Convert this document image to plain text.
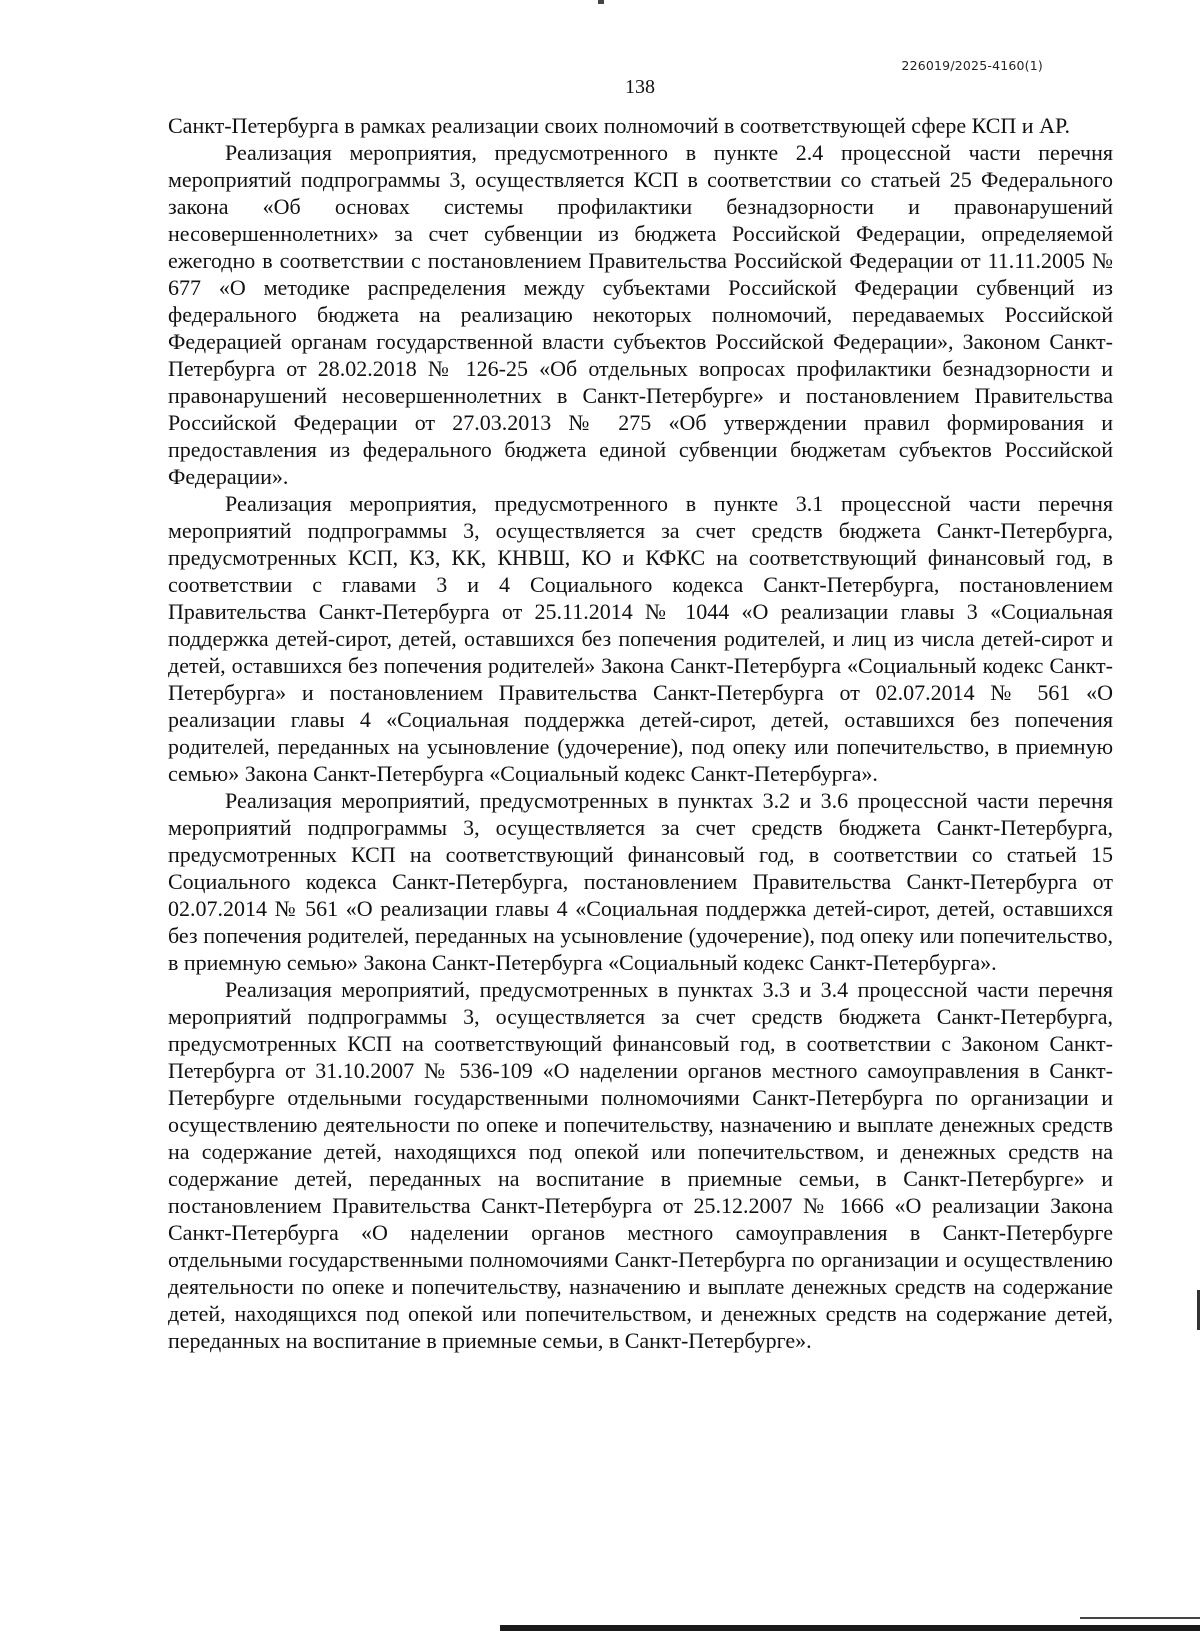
226019/2025-4160(1)
138

Санкт-Петербурга в рамках реализации своих полномочий в соответствующей сфере КСП и АР.

Реализация мероприятия, предусмотренного в пункте 2.4 процессной части перечня мероприятий подпрограммы 3, осуществляется КСП в соответствии со статьей 25 Федерального закона «Об основах системы профилактики безнадзорности и правонарушений несовершеннолетних» за счет субвенции из бюджета Российской Федерации, определяемой ежегодно в соответствии с постановлением Правительства Российской Федерации от 11.11.2005 № 677 «О методике распределения между субъектами Российской Федерации субвенций из федерального бюджета на реализацию некоторых полномочий, передаваемых Российской Федерацией органам государственной власти субъектов Российской Федерации», Законом Санкт-Петербурга от 28.02.2018 № 126-25 «Об отдельных вопросах профилактики безнадзорности и правонарушений несовершеннолетних в Санкт-Петербурге» и постановлением Правительства Российской Федерации от 27.03.2013 № 275 «Об утверждении правил формирования и предоставления из федерального бюджета единой субвенции бюджетам субъектов Российской Федерации».

Реализация мероприятия, предусмотренного в пункте 3.1 процессной части перечня мероприятий подпрограммы 3, осуществляется за счет средств бюджета Санкт-Петербурга, предусмотренных КСП, КЗ, КК, КНВШ, КО и КФКС на соответствующий финансовый год, в соответствии с главами 3 и 4 Социального кодекса Санкт-Петербурга, постановлением Правительства Санкт-Петербурга от 25.11.2014 № 1044 «О реализации главы 3 «Социальная поддержка детей-сирот, детей, оставшихся без попечения родителей, и лиц из числа детей-сирот и детей, оставшихся без попечения родителей» Закона Санкт-Петербурга «Социальный кодекс Санкт-Петербурга» и постановлением Правительства Санкт-Петербурга от 02.07.2014 № 561 «О реализации главы 4 «Социальная поддержка детей-сирот, детей, оставшихся без попечения родителей, переданных на усыновление (удочерение), под опеку или попечительство, в приемную семью» Закона Санкт-Петербурга «Социальный кодекс Санкт-Петербурга».

Реализация мероприятий, предусмотренных в пунктах 3.2 и 3.6 процессной части перечня мероприятий подпрограммы 3, осуществляется за счет средств бюджета Санкт-Петербурга, предусмотренных КСП на соответствующий финансовый год, в соответствии со статьей 15 Социального кодекса Санкт-Петербурга, постановлением Правительства Санкт-Петербурга от 02.07.2014 № 561 «О реализации главы 4 «Социальная поддержка детей-сирот, детей, оставшихся без попечения родителей, переданных на усыновление (удочерение), под опеку или попечительство, в приемную семью» Закона Санкт-Петербурга «Социальный кодекс Санкт-Петербурга».

Реализация мероприятий, предусмотренных в пунктах 3.3 и 3.4 процессной части перечня мероприятий подпрограммы 3, осуществляется за счет средств бюджета Санкт-Петербурга, предусмотренных КСП на соответствующий финансовый год, в соответствии с Законом Санкт-Петербурга от 31.10.2007 № 536-109 «О наделении органов местного самоуправления в Санкт-Петербурге отдельными государственными полномочиями Санкт-Петербурга по организации и осуществлению деятельности по опеке и попечительству, назначению и выплате денежных средств на содержание детей, находящихся под опекой или попечительством, и денежных средств на содержание детей, переданных на воспитание в приемные семьи, в Санкт-Петербурге» и постановлением Правительства Санкт-Петербурга от 25.12.2007 № 1666 «О реализации Закона Санкт-Петербурга «О наделении органов местного самоуправления в Санкт-Петербурге отдельными государственными полномочиями Санкт-Петербурга по организации и осуществлению деятельности по опеке и попечительству, назначению и выплате денежных средств на содержание детей, находящихся под опекой или попечительством, и денежных средств на содержание детей, переданных на воспитание в приемные семьи, в Санкт-Петербурге».
